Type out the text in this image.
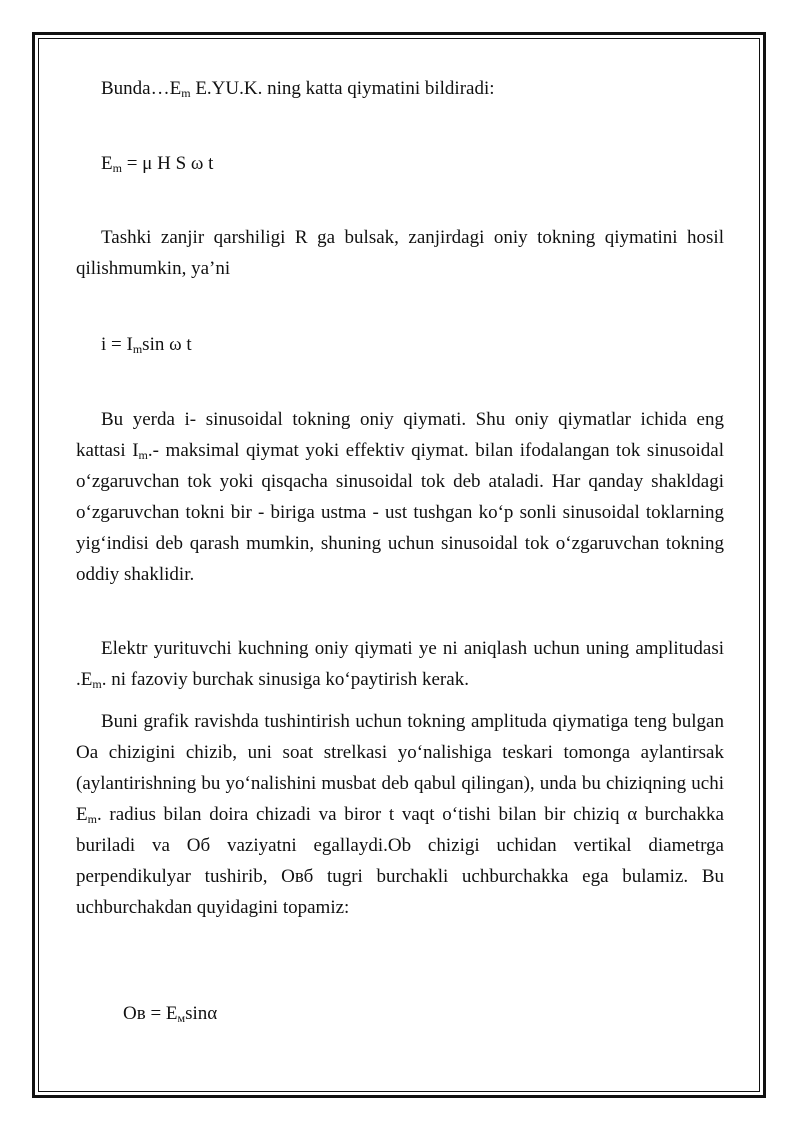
$Bunda\dots E_m$ E.YU.K. ning katta qiymatini bildiradi:
$E_m = \mu$ H S ω t
Tashki zanjir qarshiligi R ga bulsak, zanjirdagi oniy tokning qiymatini hosil qilishmumkin, ya’ni
$i = I_m\sin$ ω t
Bu yerda i- sinusoidal tokning oniy qiymati. Shu oniy qiymatlar ichida eng kattasi $I_m.-$ maksimal qiymat yoki effektiv qiymat. bilan ifodalangan tok sinusoidal o‘zgaruvchan tok yoki qisqacha sinusoidal tok deb ataladi. Har qanday shakldagi o‘zgaruvchan tokni bir - biriga ustma - ust tushgan ko‘p sonli sinusoidal toklarning yig‘indisi deb qarash mumkin, shuning uchun sinusoidal tok o‘zgaruvchan tokning oddiy shaklidir.
Elektr yurituvchi kuchning oniy qiymati ye ni aniqlash uchun uning amplitudasi $.E_m$. ni fazoviy burchak sinusiga ko‘paytirish kerak.
Buni grafik ravishda tushintirish uchun tokning amplituda qiymatiga teng bulgan Oa chizigini chizib, uni soat strelkasi yo‘nalishiga teskari tomonga aylantirsak (aylantirishning bu yo‘nalishini musbat deb qabul qilingan), unda bu chiziqning uchi $E_m$. radius bilan doira chizadi va biror t vaqt o‘tishi bilan bir chiziq α burchakka buriladi va Oб vaziyatni egallaydi.Ob chizigi uchidan vertikal diametrga perpendikulyar tushirib, Oвб tugri burchakli uchburchakka ega bulamiz. Bu uchburchakdan quyidagini topamiz:
Oв = $E_м\sin\alpha$
